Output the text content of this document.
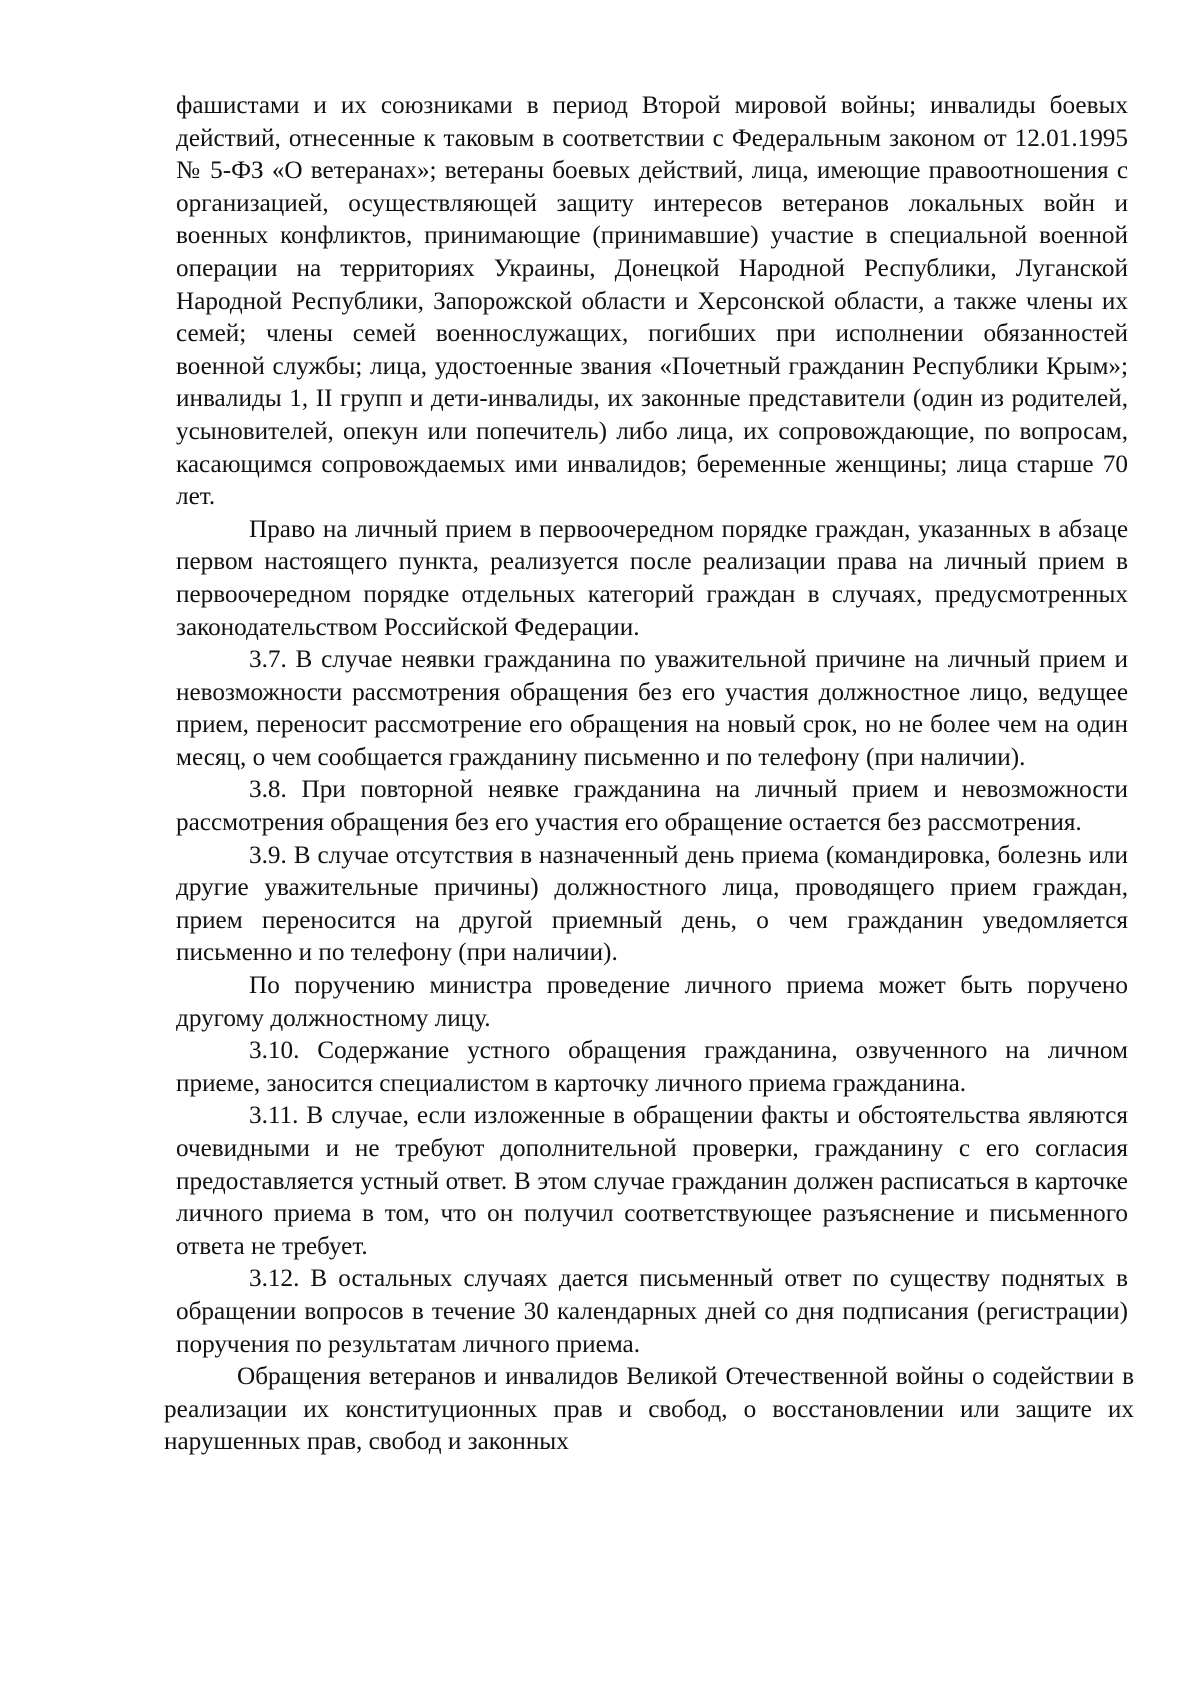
фашистами и их союзниками в период Второй мировой войны; инвалиды боевых действий, отнесенные к таковым в соответствии с Федеральным законом от 12.01.1995 № 5-ФЗ «О ветеранах»; ветераны боевых действий, лица, имеющие правоотношения с организацией, осуществляющей защиту интересов ветеранов локальных войн и военных конфликтов, принимающие (принимавшие) участие в специальной военной операции на территориях Украины, Донецкой Народной Республики, Луганской Народной Республики, Запорожской области и Херсонской области, а также члены их семей; члены семей военнослужащих, погибших при исполнении обязанностей военной службы; лица, удостоенные звания «Почетный гражданин Республики Крым»; инвалиды 1, II групп и дети-инвалиды, их законные представители (один из родителей, усыновителей, опекун или попечитель) либо лица, их сопровождающие, по вопросам, касающимся сопровождаемых ими инвалидов; беременные женщины; лица старше 70 лет.

Право на личный прием в первоочередном порядке граждан, указанных в абзаце первом настоящего пункта, реализуется после реализации права на личный прием в первоочередном порядке отдельных категорий граждан в случаях, предусмотренных законодательством Российской Федерации.

3.7. В случае неявки гражданина по уважительной причине на личный прием и невозможности рассмотрения обращения без его участия должностное лицо, ведущее прием, переносит рассмотрение его обращения на новый срок, но не более чем на один месяц, о чем сообщается гражданину письменно и по телефону (при наличии).

3.8. При повторной неявке гражданина на личный прием и невозможности рассмотрения обращения без его участия его обращение остается без рассмотрения.

3.9. В случае отсутствия в назначенный день приема (командировка, болезнь или другие уважительные причины) должностного лица, проводящего прием граждан, прием переносится на другой приемный день, о чем гражданин уведомляется письменно и по телефону (при наличии).

По поручению министра проведение личного приема может быть поручено другому должностному лицу.

3.10. Содержание устного обращения гражданина, озвученного на личном приеме, заносится специалистом в карточку личного приема гражданина.

3.11. В случае, если изложенные в обращении факты и обстоятельства являются очевидными и не требуют дополнительной проверки, гражданину с его согласия предоставляется устный ответ. В этом случае гражданин должен расписаться в карточке личного приема в том, что он получил соответствующее разъяснение и письменного ответа не требует.

3.12. В остальных случаях дается письменный ответ по существу поднятых в обращении вопросов в течение 30 календарных дней со дня подписания (регистрации) поручения по результатам личного приема.

Обращения ветеранов и инвалидов Великой Отечественной войны о содействии в реализации их конституционных прав и свобод, о восстановлении или защите их нарушенных прав, свобод и законных
